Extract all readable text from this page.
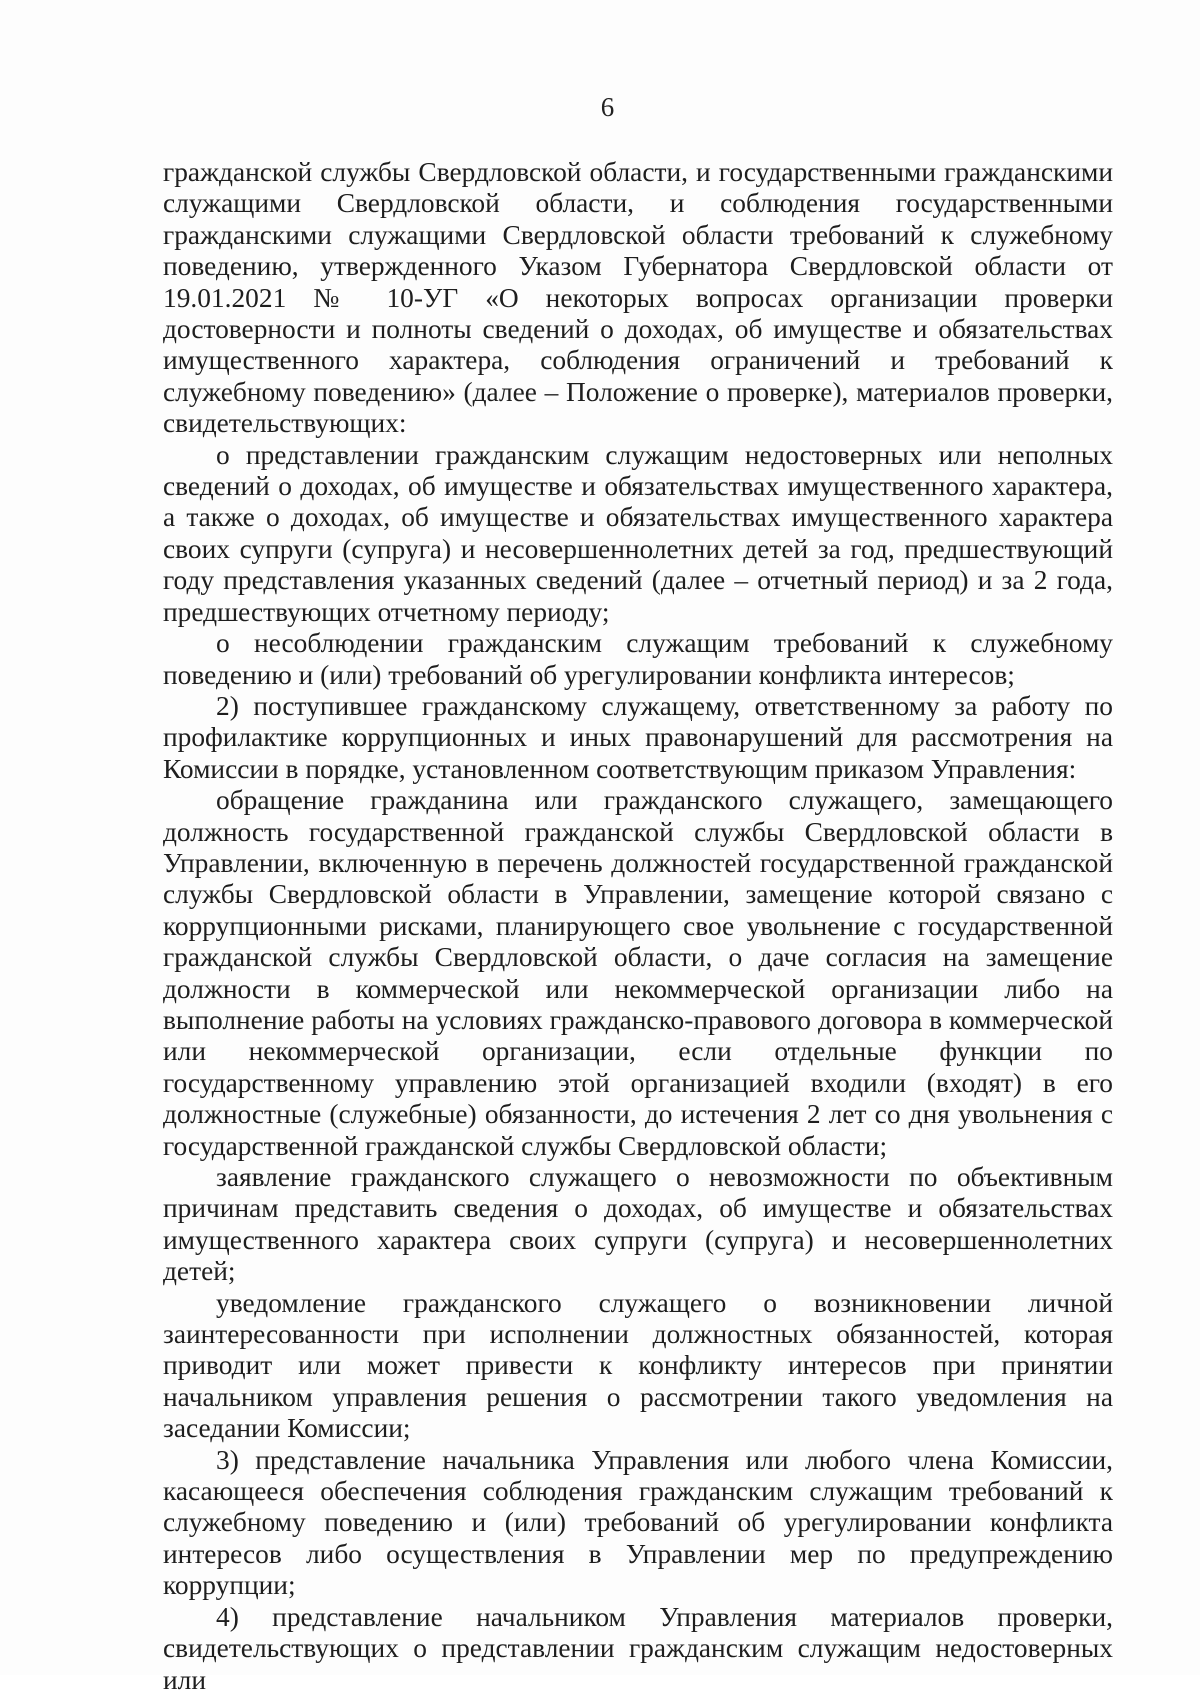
6

гражданской службы Свердловской области, и государственными гражданскими служащими Свердловской области, и соблюдения государственными гражданскими служащими Свердловской области требований к служебному поведению, утвержденного Указом Губернатора Свердловской области от 19.01.2021 № 10-УГ «О некоторых вопросах организации проверки достоверности и полноты сведений о доходах, об имуществе и обязательствах имущественного характера, соблюдения ограничений и требований к служебному поведению» (далее – Положение о проверке), материалов проверки, свидетельствующих:

о представлении гражданским служащим недостоверных или неполных сведений о доходах, об имуществе и обязательствах имущественного характера, а также о доходах, об имуществе и обязательствах имущественного характера своих супруги (супруга) и несовершеннолетних детей за год, предшествующий году представления указанных сведений (далее – отчетный период) и за 2 года, предшествующих отчетному периоду;

о несоблюдении гражданским служащим требований к служебному поведению и (или) требований об урегулировании конфликта интересов;

2) поступившее гражданскому служащему, ответственному за работу по профилактике коррупционных и иных правонарушений для рассмотрения на Комиссии в порядке, установленном соответствующим приказом Управления:

обращение гражданина или гражданского служащего, замещающего должность государственной гражданской службы Свердловской области в Управлении, включенную в перечень должностей государственной гражданской службы Свердловской области в Управлении, замещение которой связано с коррупционными рисками, планирующего свое увольнение с государственной гражданской службы Свердловской области, о даче согласия на замещение должности в коммерческой или некоммерческой организации либо на выполнение работы на условиях гражданско-правового договора в коммерческой или некоммерческой организации, если отдельные функции по государственному управлению этой организацией входили (входят) в его должностные (служебные) обязанности, до истечения 2 лет со дня увольнения с государственной гражданской службы Свердловской области;

заявление гражданского служащего о невозможности по объективным причинам представить сведения о доходах, об имуществе и обязательствах имущественного характера своих супруги (супруга) и несовершеннолетних детей;

уведомление гражданского служащего о возникновении личной заинтересованности при исполнении должностных обязанностей, которая приводит или может привести к конфликту интересов при принятии начальником управления решения о рассмотрении такого уведомления на заседании Комиссии;

3) представление начальника Управления или любого члена Комиссии, касающееся обеспечения соблюдения гражданским служащим требований к служебному поведению и (или) требований об урегулировании конфликта интересов либо осуществления в Управлении мер по предупреждению коррупции;

4) представление начальником Управления материалов проверки, свидетельствующих о представлении гражданским служащим недостоверных или
